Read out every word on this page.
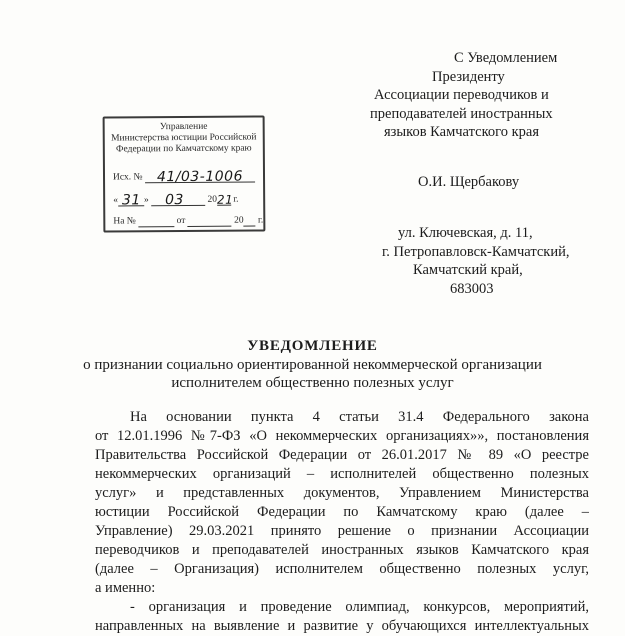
С Уведомлением
Президенту
Ассоциации переводчиков и
преподавателей иностранных
языков Камчатского края
О.И. Щербакову
ул. Ключевская, д. 11,
г. Петропавловск-Камчатский,
Камчатский край,
683003
Управление
Министерства юстиции Российской
Федерации по Камчатскому краю
Исх. № 41/03-1006
« 31 » 03 20 21 г.
На №	от	20 г.
УВЕДОМЛЕНИЕ
о признании социально ориентированной некоммерческой организации
исполнителем общественно полезных услуг
На основании пункта 4 статьи 31.4 Федерального закона
от 12.01.1996 №7-ФЗ «О некоммерческих организациях»», постановления
Правительства Российской Федерации от 26.01.2017 № 89 «О реестре
некоммерческих организаций – исполнителей общественно полезных
услуг» и представленных документов, Управлением Министерства
юстиции Российской Федерации по Камчатскому краю (далее –
Управление) 29.03.2021 принято решение о признании Ассоциации
переводчиков и преподавателей иностранных языков Камчатского края
(далее – Организация) исполнителем общественно полезных услуг,
а именно:
- организация и проведение олимпиад, конкурсов, мероприятий,
направленных на выявление и развитие у обучающихся интеллектуальных
